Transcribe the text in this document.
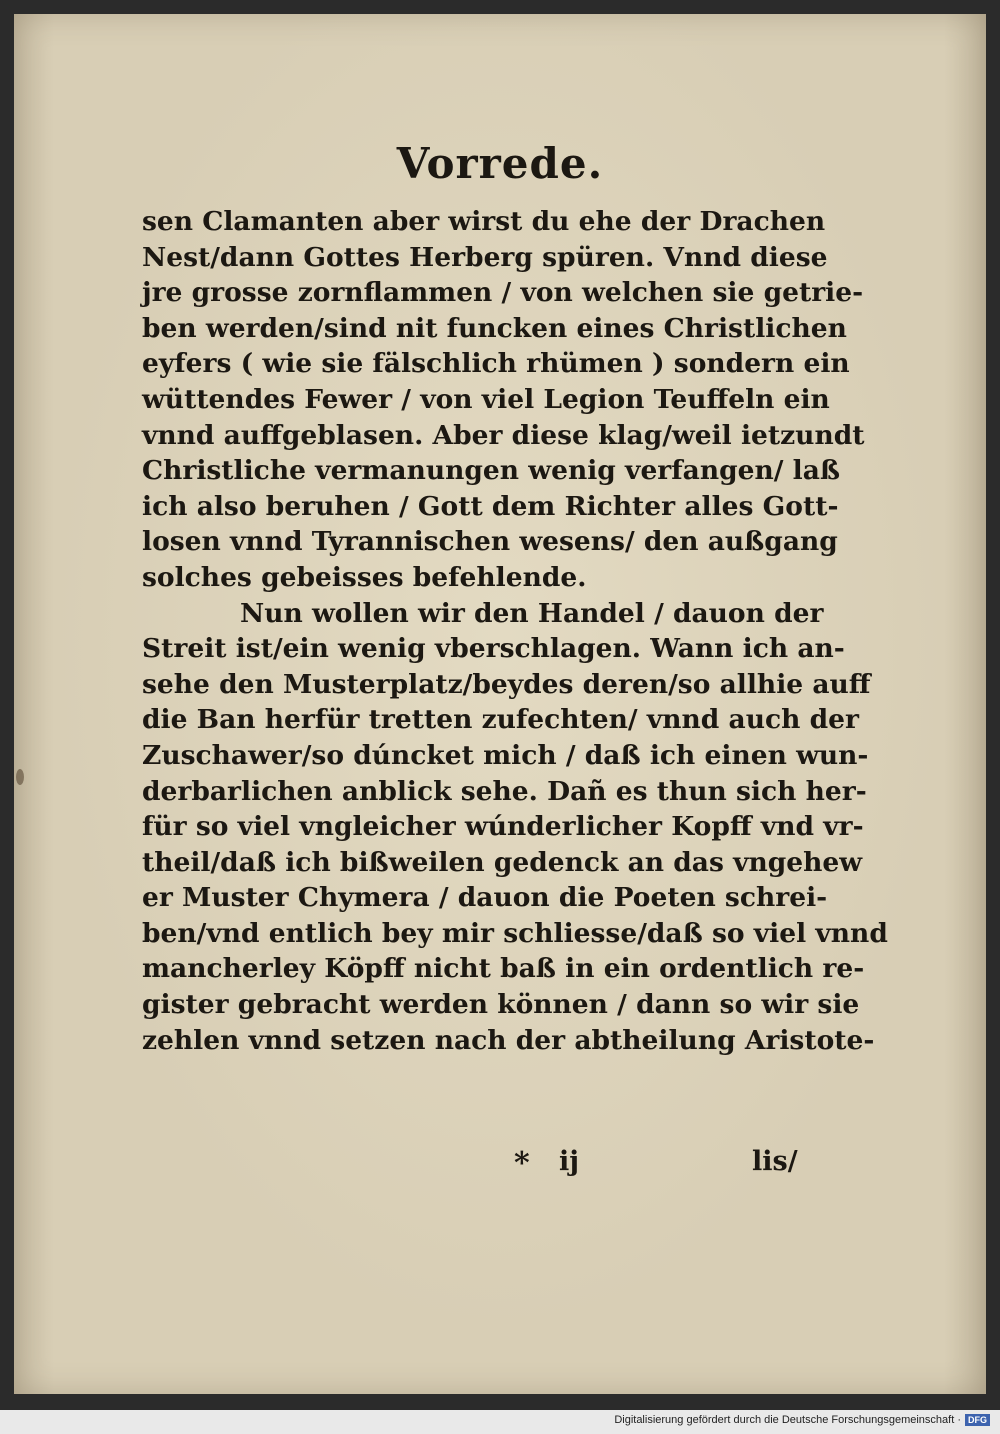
Vorrede.
sen Clamanten aber wirst du ehe der Drachen
Nest/dann Gottes Herberg spüren. Vnnd diese
jre grosse zornflammen / von welchen sie getrie-
ben werden/sind nit funcken eines Christlichen
eyfers ( wie sie fälschlich rhümen ) sondern ein
wüttendes Fewer / von viel Legion Teuffeln ein
vnnd auffgeblasen. Aber diese klag/weil ietzundt
Christliche vermanungen wenig verfangen/ laß
ich also beruhen / Gott dem Richter alles Gott-
losen vnnd Tyrannischen wesens/ den außgang
solches gebeisses befehlende.
Nun wollen wir den Handel / dauon der
Streit ist/ein wenig vberschlagen. Wann ich an-
sehe den Musterplatz/beydes deren/so allhie auff
die Ban herfür tretten zufechten/ vnnd auch der
Zuschawer/so dúncket mich / daß ich einen wun-
derbarlichen anblick sehe. Dañ es thun sich her-
für so viel vngleicher wúnderlicher Kopff vnd vr-
theil/daß ich bißweilen gedenck an das vngehew
er Muster Chymera / dauon die Poeten schrei-
ben/vnd entlich bey mir schliesse/daß so viel vnnd
mancherley Köpff nicht baß in ein ordentlich re-
gister gebracht werden können / dann so wir sie
zehlen vnnd setzen nach der abtheilung Aristote-
* ij	lis/
Digitalisierung gefördert durch die Deutsche Forschungsgemeinschaft · DFG
